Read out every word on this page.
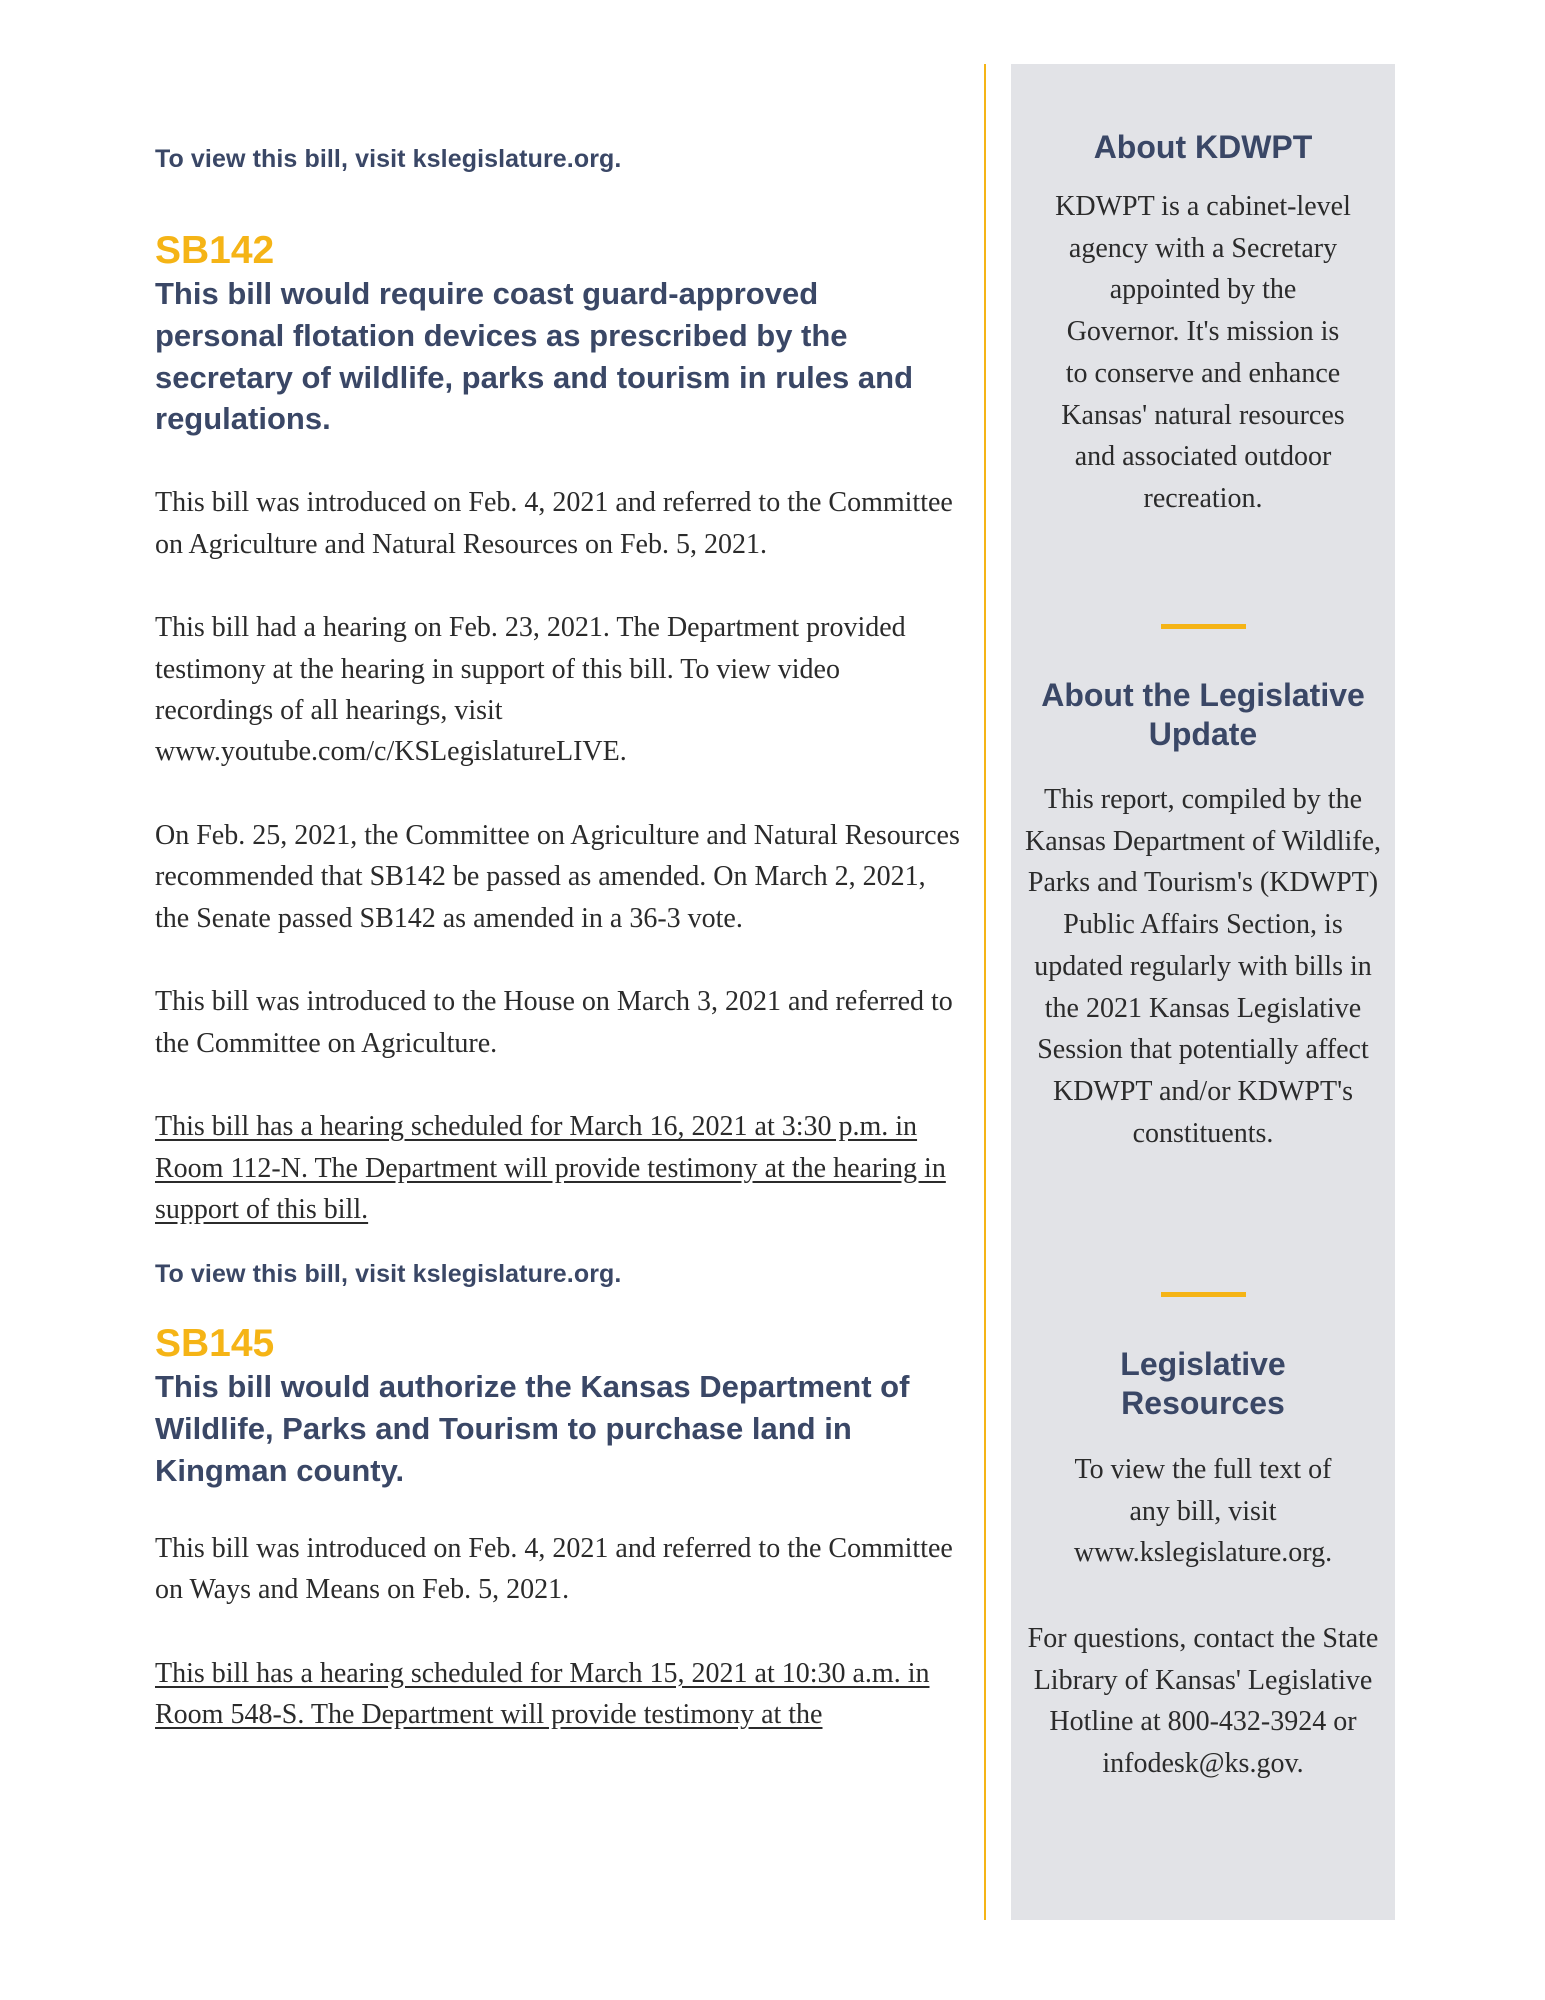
To view this bill, visit kslegislature.org.
SB142
This bill would require coast guard-approved personal flotation devices as prescribed by the secretary of wildlife, parks and tourism in rules and regulations.

This bill was introduced on Feb. 4, 2021 and referred to the Committee on Agriculture and Natural Resources on Feb. 5, 2021.

This bill had a hearing on Feb. 23, 2021. The Department provided testimony at the hearing in support of this bill. To view video recordings of all hearings, visit www.youtube.com/c/KSLegislatureLIVE.

On Feb. 25, 2021, the Committee on Agriculture and Natural Resources recommended that SB142 be passed as amended. On March 2, 2021, the Senate passed SB142 as amended in a 36-3 vote.

This bill was introduced to the House on March 3, 2021 and referred to the Committee on Agriculture.

This bill has a hearing scheduled for March 16, 2021 at 3:30 p.m. in Room 112-N. The Department will provide testimony at the hearing in support of this bill.

To view this bill, visit kslegislature.org.
SB145
This bill would authorize the Kansas Department of Wildlife, Parks and Tourism to purchase land in Kingman county.

This bill was introduced on Feb. 4, 2021 and referred to the Committee on Ways and Means on Feb. 5, 2021.

This bill has a hearing scheduled for March 15, 2021 at 10:30 a.m. in Room 548-S. The Department will provide testimony at the

About KDWPT
KDWPT is a cabinet-level agency with a Secretary appointed by the Governor. It's mission is to conserve and enhance Kansas' natural resources and associated outdoor recreation.
About the Legislative Update
This report, compiled by the Kansas Department of Wildlife, Parks and Tourism's (KDWPT) Public Affairs Section, is updated regularly with bills in the 2021 Kansas Legislative Session that potentially affect KDWPT and/or KDWPT's constituents.
Legislative Resources
To view the full text of any bill, visit www.kslegislature.org.
For questions, contact the State Library of Kansas' Legislative Hotline at 800-432-3924 or infodesk@ks.gov.
